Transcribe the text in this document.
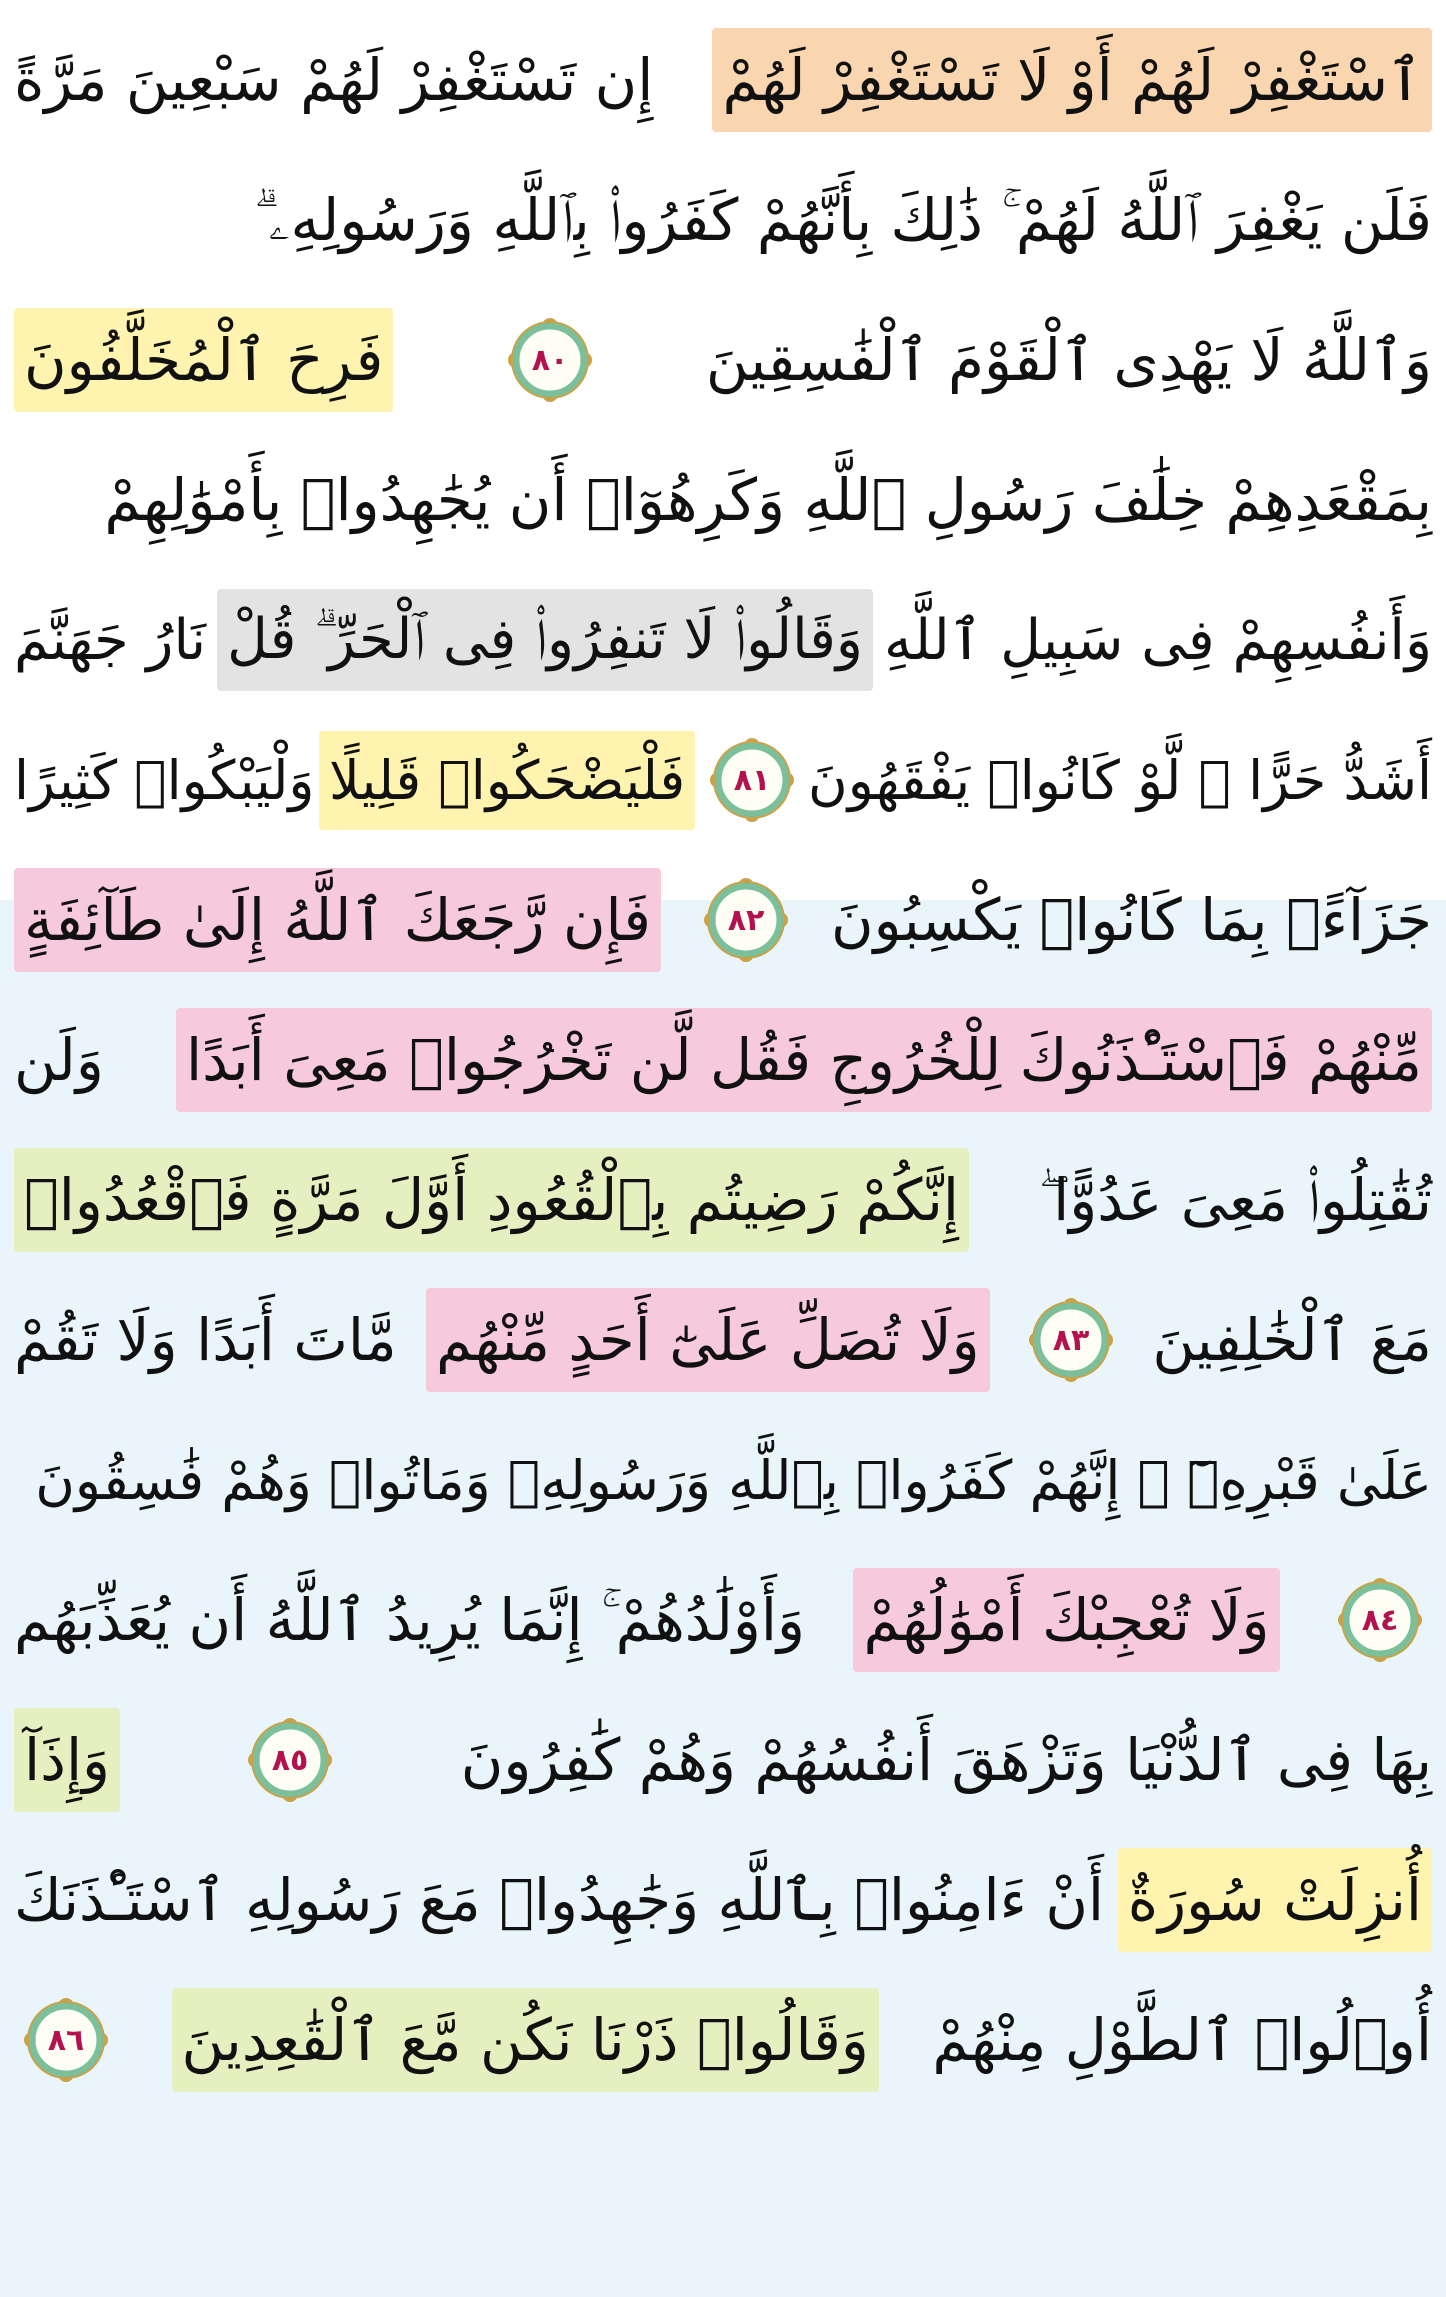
ٱسْتَغْفِرْ لَهُمْ أَوْ لَا تَسْتَغْفِرْ لَهُمْ
إِن تَسْتَغْفِرْ لَهُمْ سَبْعِينَ مَرَّةً
فَلَن يَغْفِرَ ٱللَّهُ لَهُمْ ۚ ذَٰلِكَ بِأَنَّهُمْ كَفَرُوا۟ بِٱللَّهِ وَرَسُولِهِۦ ۗ
وَٱللَّهُ لَا يَهْدِى ٱلْقَوْمَ ٱلْفَٰسِقِينَ
٨٠
فَرِحَ ٱلْمُخَلَّفُونَ
بِمَقْعَدِهِمْ خِلَٰفَ رَسُولِ ٱللَّهِ وَكَرِهُوٓا۟ أَن يُجَٰهِدُوا۟ بِأَمْوَٰلِهِمْ
وَأَنفُسِهِمْ فِى سَبِيلِ ٱللَّهِ
وَقَالُوا۟ لَا تَنفِرُوا۟ فِى ٱلْحَرِّ ۗ قُلْ
نَارُ جَهَنَّمَ
أَشَدُّ حَرًّا ۚ لَّوْ كَانُوا۟ يَفْقَهُونَ
٨١
فَلْيَضْحَكُوا۟ قَلِيلًا
وَلْيَبْكُوا۟ كَثِيرًا
جَزَآءًۢ بِمَا كَانُوا۟ يَكْسِبُونَ
٨٢
فَإِن رَّجَعَكَ ٱللَّهُ إِلَىٰ طَآئِفَةٍ
مِّنْهُمْ فَٱسْتَـْٔذَنُوكَ لِلْخُرُوجِ فَقُل لَّن تَخْرُجُوا۟ مَعِىَ أَبَدًا
وَلَن
تُقَٰتِلُوا۟ مَعِىَ عَدُوًّا ۖ
إِنَّكُمْ رَضِيتُم بِٱلْقُعُودِ أَوَّلَ مَرَّةٍ فَٱقْعُدُوا۟
مَعَ ٱلْخَٰلِفِينَ
٨٣
وَلَا تُصَلِّ عَلَىٰٓ أَحَدٍ مِّنْهُم
مَّاتَ أَبَدًا وَلَا تَقُمْ
عَلَىٰ قَبْرِهِۦٓ ۖ إِنَّهُمْ كَفَرُوا۟ بِٱللَّهِ وَرَسُولِهِۦ وَمَاتُوا۟ وَهُمْ فَٰسِقُونَ
٨٤
وَلَا تُعْجِبْكَ أَمْوَٰلُهُمْ
وَأَوْلَٰدُهُمْ ۚ إِنَّمَا يُرِيدُ ٱللَّهُ أَن يُعَذِّبَهُم
بِهَا فِى ٱلدُّنْيَا وَتَزْهَقَ أَنفُسُهُمْ وَهُمْ كَٰفِرُونَ
٨٥
وَإِذَآ
أُنزِلَتْ سُورَةٌ
أَنْ ءَامِنُوا۟ بِٱللَّهِ وَجَٰهِدُوا۟ مَعَ رَسُولِهِ ٱسْتَـْٔذَنَكَ
أُو۟لُوا۟ ٱلطَّوْلِ مِنْهُمْ
وَقَالُوا۟ ذَرْنَا نَكُن مَّعَ ٱلْقَٰعِدِينَ
٨٦
